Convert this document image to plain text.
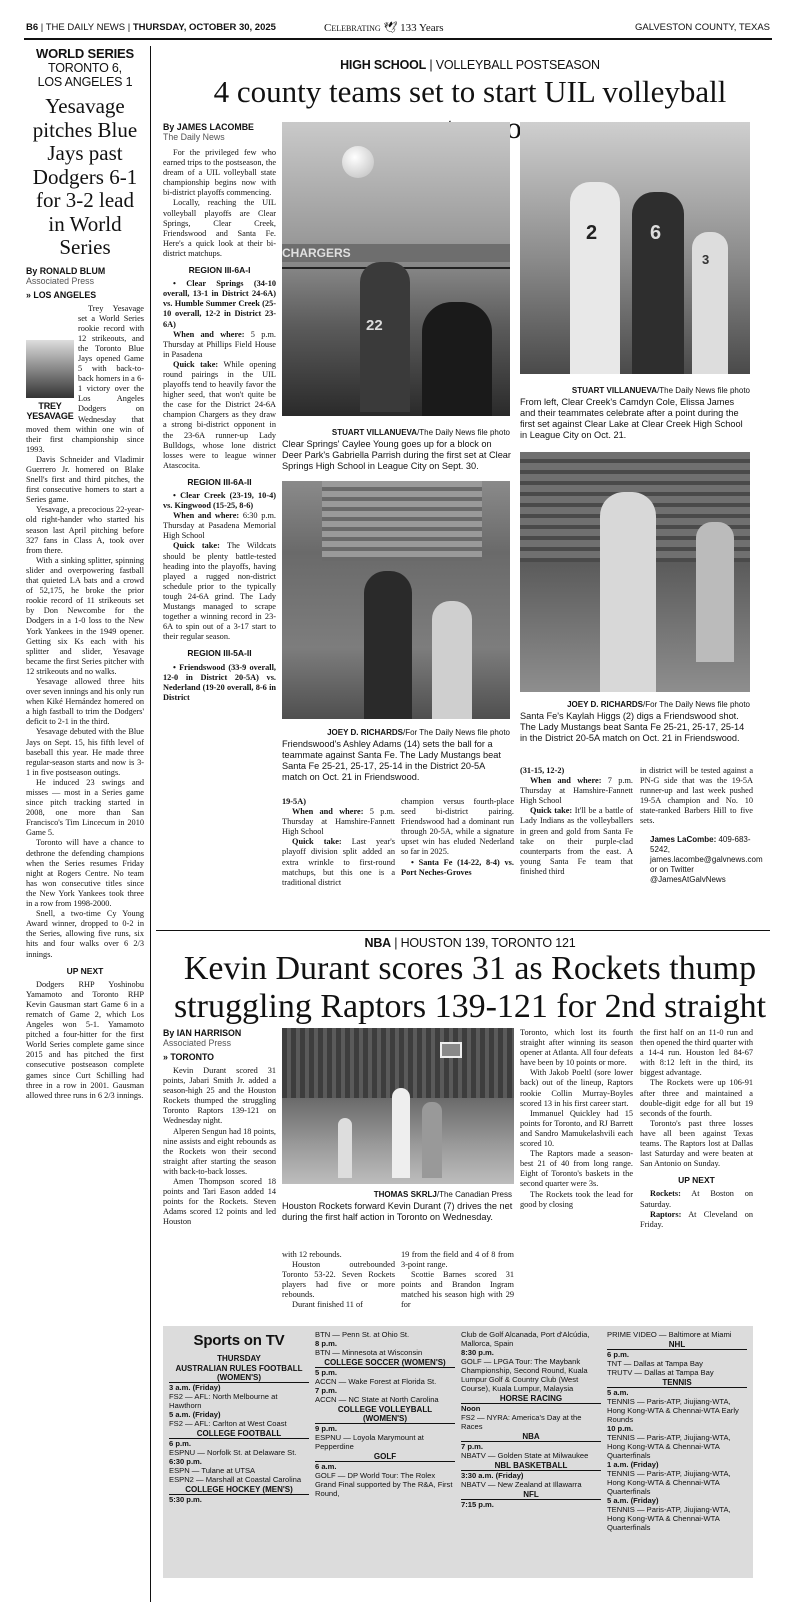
B6 | THE DAILY NEWS | THURSDAY, OCTOBER 30, 2025	Celebrating 🕊 133 Years	GALVESTON COUNTY, TEXAS
WORLD SERIES
TORONTO 6,
LOS ANGELES 1
Yesavage pitches Blue Jays past Dodgers 6-1 for 3-2 lead in World Series
By RONALD BLUM
Associated Press
» LOS ANGELES
TREY YESAVAGE

Trey Yesavage set a World Series rookie record with 12 strikeouts, and the Toronto Blue Jays opened Game 5 with back-to-back homers in a 6-1 victory over the Los Angeles Dodgers on Wednesday that moved them within one win of their first championship since 1993.

Davis Schneider and Vladimir Guerrero Jr. homered on Blake Snell's first and third pitches, the first consecutive homers to start a Series game.

Yesavage, a precocious 22-year-old right-hander who started his season last April pitching before 327 fans in Class A, took over from there.

With a sinking splitter, spinning slider and overpowering fastball that quieted LA bats and a crowd of 52,175, he broke the prior rookie record of 11 strikeouts set by Don Newcombe for the Dodgers in a 1-0 loss to the New York Yankees in the 1949 opener. Getting six Ks each with his splitter and slider, Yesavage became the first Series pitcher with 12 strikeouts and no walks.

Yesavage allowed three hits over seven innings and his only run when Kiké Hernández homered on a high fastball to trim the Dodgers' deficit to 2-1 in the third.

Yesavage debuted with the Blue Jays on Sept. 15, his fifth level of baseball this year. He made three regular-season starts and now is 3-1 in five postseason outings.

He induced 23 swings and misses — most in a Series game since pitch tracking started in 2008, one more than San Francisco's Tim Lincecum in 2010 Game 5.

Toronto will have a chance to dethrone the defending champions when the Series resumes Friday night at Rogers Centre. No team has won consecutive titles since the New York Yankees took three in a row from 1998-2000.

Snell, a two-time Cy Young Award winner, dropped to 0-2 in the Series, allowing five runs, six hits and four walks over 6 2/3 innings.

UP NEXT

Dodgers RHP Yoshinobu Yamamoto and Toronto RHP Kevin Gausman start Game 6 in a rematch of Game 2, which Los Angeles won 5-1. Yamamoto pitched a four-hitter for the first World Series complete game since 2015 and has pitched the first consecutive postseason complete games since Curt Schilling had three in a row in 2001. Gausman allowed three runs in 6 2/3 innings.

HIGH SCHOOL | VOLLEYBALL POSTSEASON
4 county teams set to start UIL volleyball
By JAMES LACOMBE
The Daily News

For the privileged few who earned trips to the postseason, the dream of a UIL volleyball state championship begins now with bi-district playoffs commencing.

Locally, reaching the UIL volleyball playoffs are Clear Springs, Clear Creek, Friendswood and Santa Fe. Here's a quick look at their bi-district matchups.

REGION III-6A-I

• Clear Springs (34-10 overall, 13-1 in District 24-6A) vs. Humble Summer Creek (25-10 overall, 12-2 in District 23-6A)

When and where: 5 p.m. Thursday at Phillips Field House in Pasadena

Quick take: While opening round pairings in the UIL playoffs tend to heavily favor the higher seed, that won't quite be the case for the District 24-6A champion Chargers as they draw a strong bi-district opponent in the 23-6A runner-up Lady Bulldogs, whose lone district losses were to league winner Atascocita.

REGION III-6A-II

• Clear Creek (23-19, 10-4) vs. Kingwood (15-25, 8-6)

When and where: 6:30 p.m. Thursday at Pasadena Memorial High School

Quick take: The Wildcats should be plenty battle-tested heading into the playoffs, having played a rugged non-district schedule prior to the typically tough 24-6A grind. The Lady Mustangs managed to scrape together a winning record in 23-6A to spin out of a 3-17 start to their regular season.

REGION III-5A-II

• Friendswood (33-9 overall, 12-0 in District 20-5A) vs. Nederland (19-20 overall, 8-6 in District

CHARGERS
22
STUART VILLANUEVA/The Daily News file photo
Clear Springs' Caylee Young goes up for a block on Deer Park's Gabriella Parrish during the first set at Clear Springs High School in League City on Sept. 30.
2	6
3
STUART VILLANUEVA/The Daily News file photo
From left, Clear Creek's Camdyn Cole, Elissa James and their teammates celebrate after a point during the first set against Clear Lake at Clear Creek High School in League City on Oct. 21.
JOEY D. RICHARDS/For The Daily News file photo
Friendswood's Ashley Adams (14) sets the ball for a teammate against Santa Fe. The Lady Mustangs beat Santa Fe 25-21, 25-17, 25-14 in the District 20-5A match on Oct. 21 in Friendswood.
JOEY D. RICHARDS/For The Daily News file photo
Santa Fe's Kaylah Higgs (2) digs a Friendswood shot. The Lady Mustangs beat Santa Fe 25-21, 25-17, 25-14 in the District 20-5A match on Oct. 21 in Friendswood.

19-5A)

When and where: 5 p.m. Thursday at Hamshire-Fannett High School

Quick take: Last year's playoff division split added an extra wrinkle to first-round matchups, but this one is a traditional district

champion versus fourth-place seed bi-district pairing. Friendswood had a dominant run through 20-5A, while a signature upset win has eluded Nederland so far in 2025.

• Santa Fe (14-22, 8-4) vs. Port Neches-Groves

(31-15, 12-2)

When and where: 7 p.m. Thursday at Hamshire-Fannett High School

Quick take: It'll be a battle of Lady Indians as the volleyballers in green and gold from Santa Fe take on their purple-clad counterparts from the east. A young Santa Fe team that finished third

in district will be tested against a PN-G side that was the 19-5A runner-up and last week pushed 19-5A champion and No. 10 state-ranked Barbers Hill to five sets.

James LaCombe: 409-683-5242, james.lacombe@galvnews.com or on Twitter @JamesAtGalvNews
NBA | HOUSTON 139, TORONTO 121
Kevin Durant scores 31 as Rockets thump
struggling Raptors 139-121 for 2nd straight
By IAN HARRISON
Associated Press
» TORONTO

Kevin Durant scored 31 points, Jabari Smith Jr. added a season-high 25 and the Houston Rockets thumped the struggling Toronto Raptors 139-121 on Wednesday night.

Alperen Sengun had 18 points, nine assists and eight rebounds as the Rockets won their second straight after starting the season with back-to-back losses.

Amen Thompson scored 18 points and Tari Eason added 14 points for the Rockets. Steven Adams scored 12 points and led Houston

THOMAS SKRLJ/The Canadian Press
Houston Rockets forward Kevin Durant (7) drives the net during the first half action in Toronto on Wednesday.

with 12 rebounds.

Houston outrebounded Toronto 53-22. Seven Rockets players had five or more rebounds.

Durant finished 11 of

19 from the field and 4 of 8 from 3-point range.

Scottie Barnes scored 31 points and Brandon Ingram matched his season high with 29 for

Toronto, which lost its fourth straight after winning its season opener at Atlanta. All four defeats have been by 10 points or more.

With Jakob Poeltl (sore lower back) out of the lineup, Raptors rookie Collin Murray-Boyles scored 13 in his first career start.

Immanuel Quickley had 15 points for Toronto, and RJ Barrett and Sandro Mamukelashvili each scored 10.

The Raptors made a season-best 21 of 40 from long range. Eight of Toronto's baskets in the second quarter were 3s.

The Rockets took the lead for good by closing

the first half on an 11-0 run and then opened the third quarter with a 14-4 run. Houston led 84-67 with 8:12 left in the third, its biggest advantage.

The Rockets were up 106-91 after three and maintained a double-digit edge for all but 19 seconds of the fourth.

Toronto's past three losses have all been against Texas teams. The Raptors lost at Dallas last Saturday and were beaten at San Antonio on Sunday.

UP NEXT

Rockets: At Boston on Saturday.

Raptors: At Cleveland on Friday.

Sports on TV
THURSDAY
AUSTRALIAN RULES FOOTBALL (WOMEN'S)
3 a.m. (Friday)
FS2 — AFL: North Melbourne at Hawthorn
5 a.m. (Friday)
FS2 — AFL: Carlton at West Coast
COLLEGE FOOTBALL
6 p.m.
ESPNU — Norfolk St. at Delaware St.
6:30 p.m.
ESPN — Tulane at UTSA
ESPN2 — Marshall at Coastal Carolina
COLLEGE HOCKEY (MEN'S)
5:30 p.m.
BTN — Penn St. at Ohio St.
8 p.m.
BTN — Minnesota at Wisconsin
COLLEGE SOCCER (WOMEN'S)
5 p.m.
ACCN — Wake Forest at Florida St.
7 p.m.
ACCN — NC State at North Carolina
COLLEGE VOLLEYBALL (WOMEN'S)
9 p.m.
ESPNU — Loyola Marymount at Pepperdine
GOLF
6 a.m.
GOLF — DP World Tour: The Rolex Grand Final supported by The R&A, First Round,
Club de Golf Alcanada, Port d'Alcúdia, Mallorca, Spain
8:30 p.m.
GOLF — LPGA Tour: The Maybank Championship, Second Round, Kuala Lumpur Golf & Country Club (West Course), Kuala Lumpur, Malaysia
HORSE RACING
Noon
FS2 — NYRA: America's Day at the Races
NBA
7 p.m.
NBATV — Golden State at Milwaukee
NBL BASKETBALL
3:30 a.m. (Friday)
NBATV — New Zealand at Illawarra
NFL
7:15 p.m.
PRIME VIDEO — Baltimore at Miami
NHL
6 p.m.
TNT — Dallas at Tampa Bay
TRUTV — Dallas at Tampa Bay
TENNIS
5 a.m.
TENNIS — Paris-ATP, Jiujiang-WTA, Hong Kong-WTA & Chennai-WTA Early Rounds
10 p.m.
TENNIS — Paris-ATP, Jiujiang-WTA, Hong Kong-WTA & Chennai-WTA Quarterfinals
1 a.m. (Friday)
TENNIS — Paris-ATP, Jiujiang-WTA, Hong Kong-WTA & Chennai-WTA Quarterfinals
5 a.m. (Friday)
TENNIS — Paris-ATP, Jiujiang-WTA, Hong Kong-WTA & Chennai-WTA Quarterfinals
